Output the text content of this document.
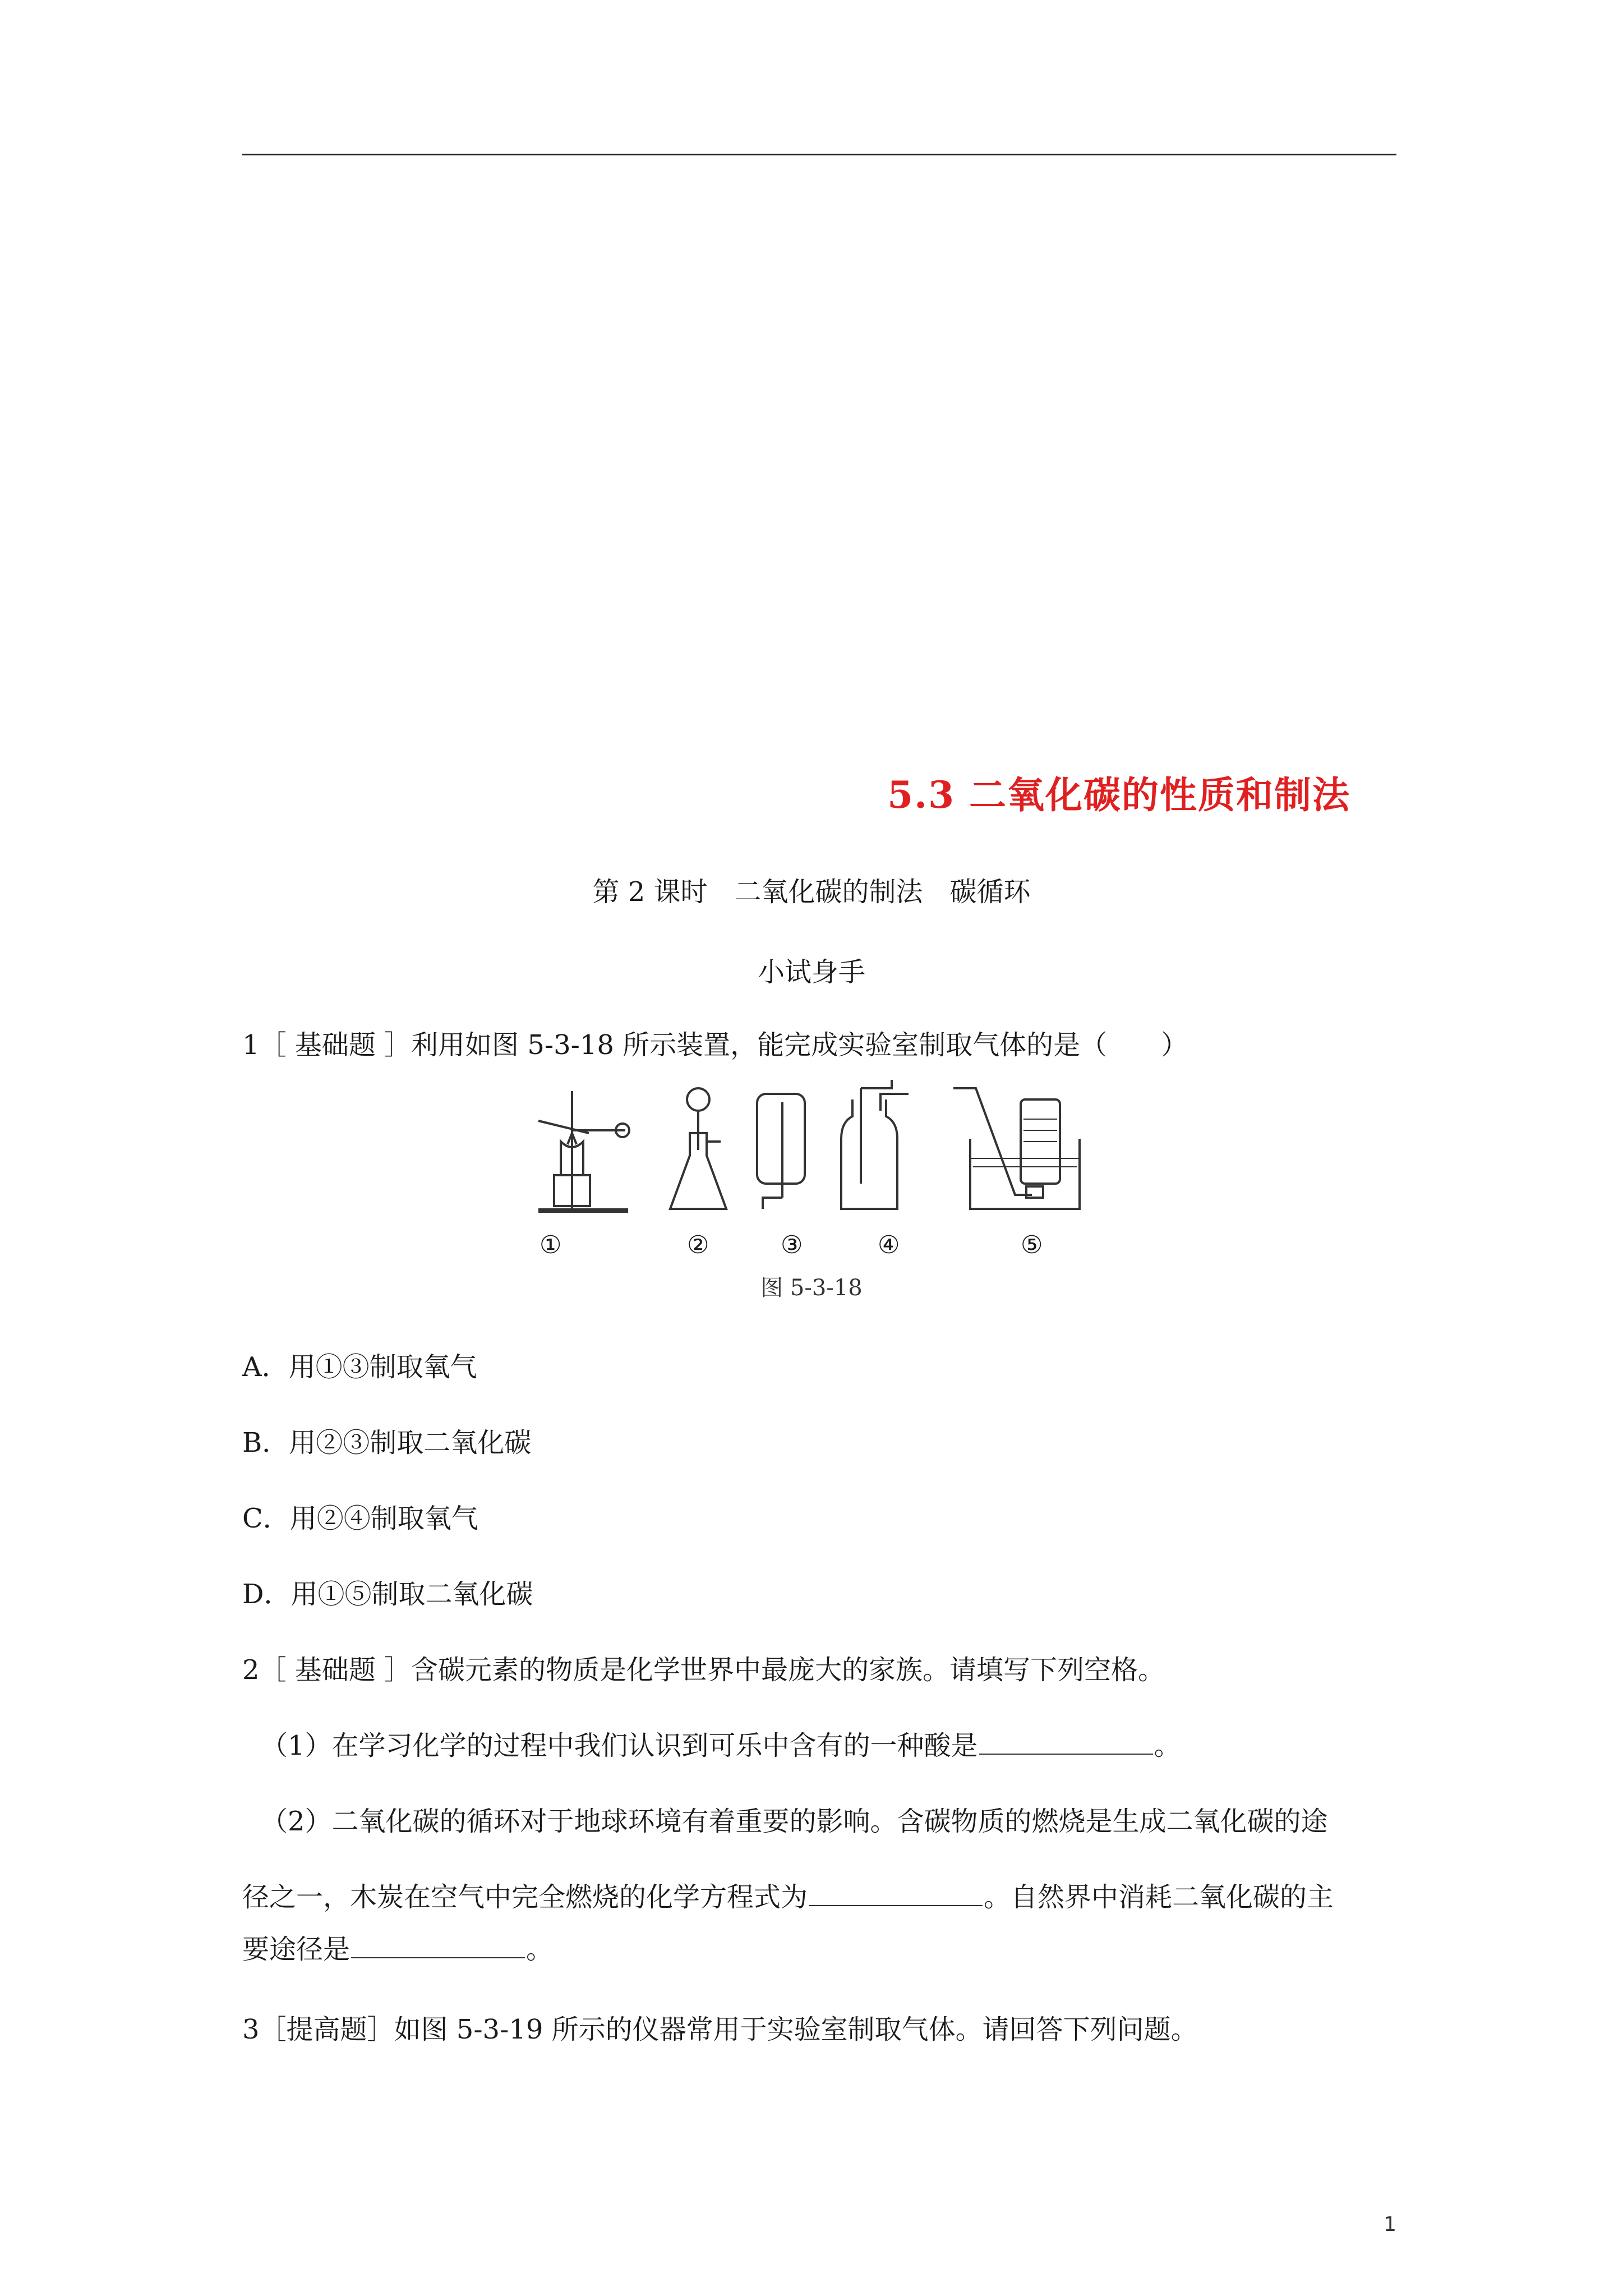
5.3 二氧化碳的性质和制法

第 2 课时　二氧化碳的制法　碳循环

小试身手

1［ 基础题 ］利用如图 5-3-18 所示装置，能完成实验室制取气体的是（　　）

①	②	③	④	⑤

图 5-3-18

A．用①③制取氧气

B．用②③制取二氧化碳

C．用②④制取氧气

D．用①⑤制取二氧化碳

2［ 基础题 ］含碳元素的物质是化学世界中最庞大的家族。请填写下列空格。

（1）在学习化学的过程中我们认识到可乐中含有的一种酸是	。

（2）二氧化碳的循环对于地球环境有着重要的影响。含碳物质的燃烧是生成二氧化碳的途

径之一，木炭在空气中完全燃烧的化学方程式为	。自然界中消耗二氧化碳的主

要途径是	。

3［提高题］如图 5-3-19 所示的仪器常用于实验室制取气体。请回答下列问题。

1
